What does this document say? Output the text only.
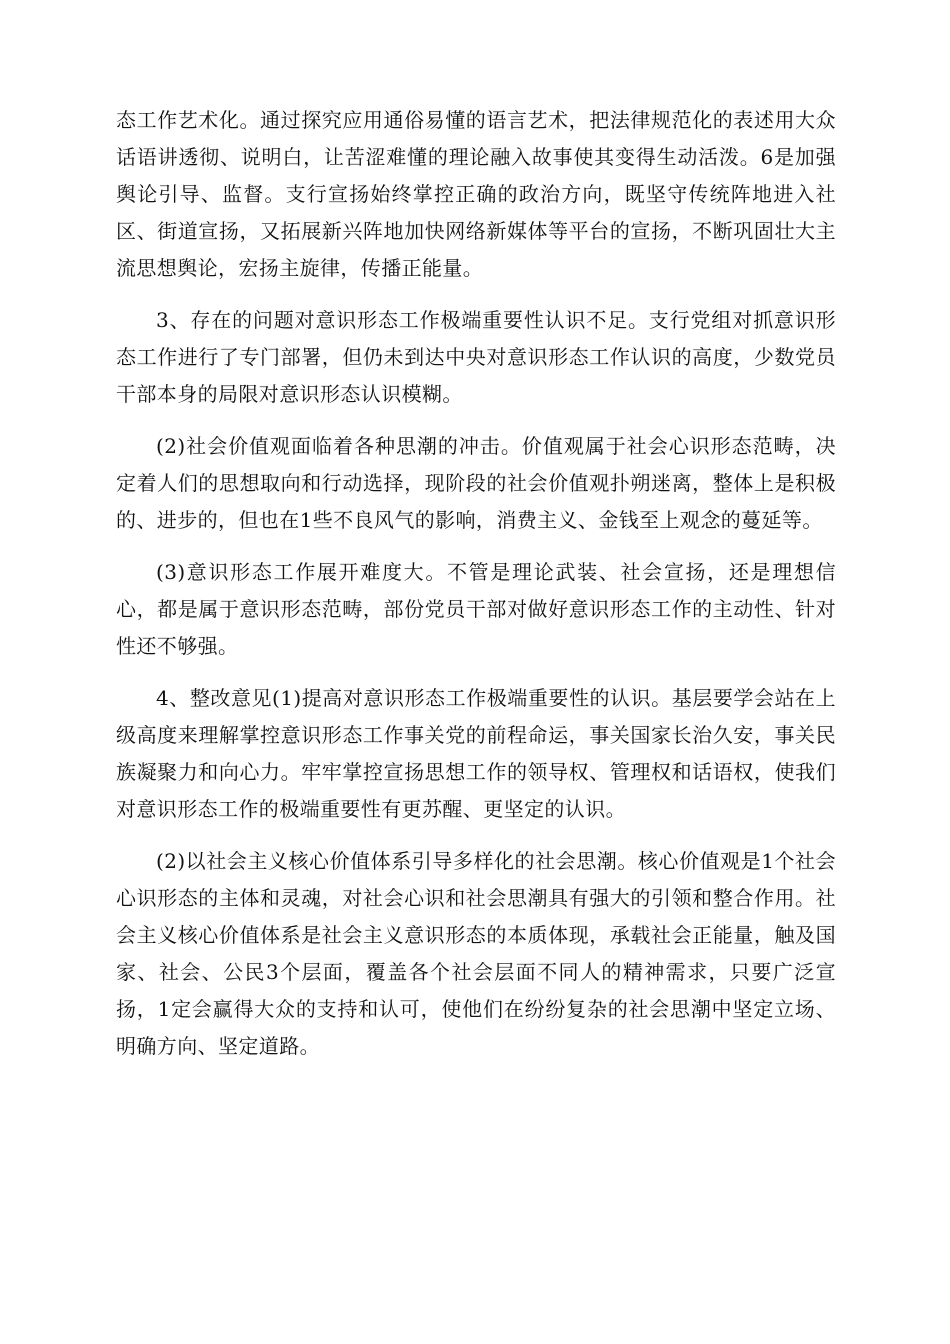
态工作艺术化。通过探究应用通俗易懂的语言艺术，把法律规范化的表述用大众话语讲透彻、说明白，让苦涩难懂的理论融入故事使其变得生动活泼。6是加强舆论引导、监督。支行宣扬始终掌控正确的政治方向，既坚守传统阵地进入社区、街道宣扬，又拓展新兴阵地加快网络新媒体等平台的宣扬，不断巩固壮大主流思想舆论，宏扬主旋律，传播正能量。

3、存在的问题对意识形态工作极端重要性认识不足。支行党组对抓意识形态工作进行了专门部署，但仍未到达中央对意识形态工作认识的高度，少数党员干部本身的局限对意识形态认识模糊。

(2)社会价值观面临着各种思潮的冲击。价值观属于社会心识形态范畴，决定着人们的思想取向和行动选择，现阶段的社会价值观扑朔迷离，整体上是积极的、进步的，但也在1些不良风气的影响，消费主义、金钱至上观念的蔓延等。

(3)意识形态工作展开难度大。不管是理论武装、社会宣扬，还是理想信心，都是属于意识形态范畴，部份党员干部对做好意识形态工作的主动性、针对性还不够强。

4、整改意见(1)提高对意识形态工作极端重要性的认识。基层要学会站在上级高度来理解掌控意识形态工作事关党的前程命运，事关国家长治久安，事关民族凝聚力和向心力。牢牢掌控宣扬思想工作的领导权、管理权和话语权，使我们对意识形态工作的极端重要性有更苏醒、更坚定的认识。

(2)以社会主义核心价值体系引导多样化的社会思潮。核心价值观是1个社会心识形态的主体和灵魂，对社会心识和社会思潮具有强大的引领和整合作用。社会主义核心价值体系是社会主义意识形态的本质体现，承载社会正能量，触及国家、社会、公民3个层面，覆盖各个社会层面不同人的精神需求，只要广泛宣扬，1定会赢得大众的支持和认可，使他们在纷纷复杂的社会思潮中坚定立场、明确方向、坚定道路。
